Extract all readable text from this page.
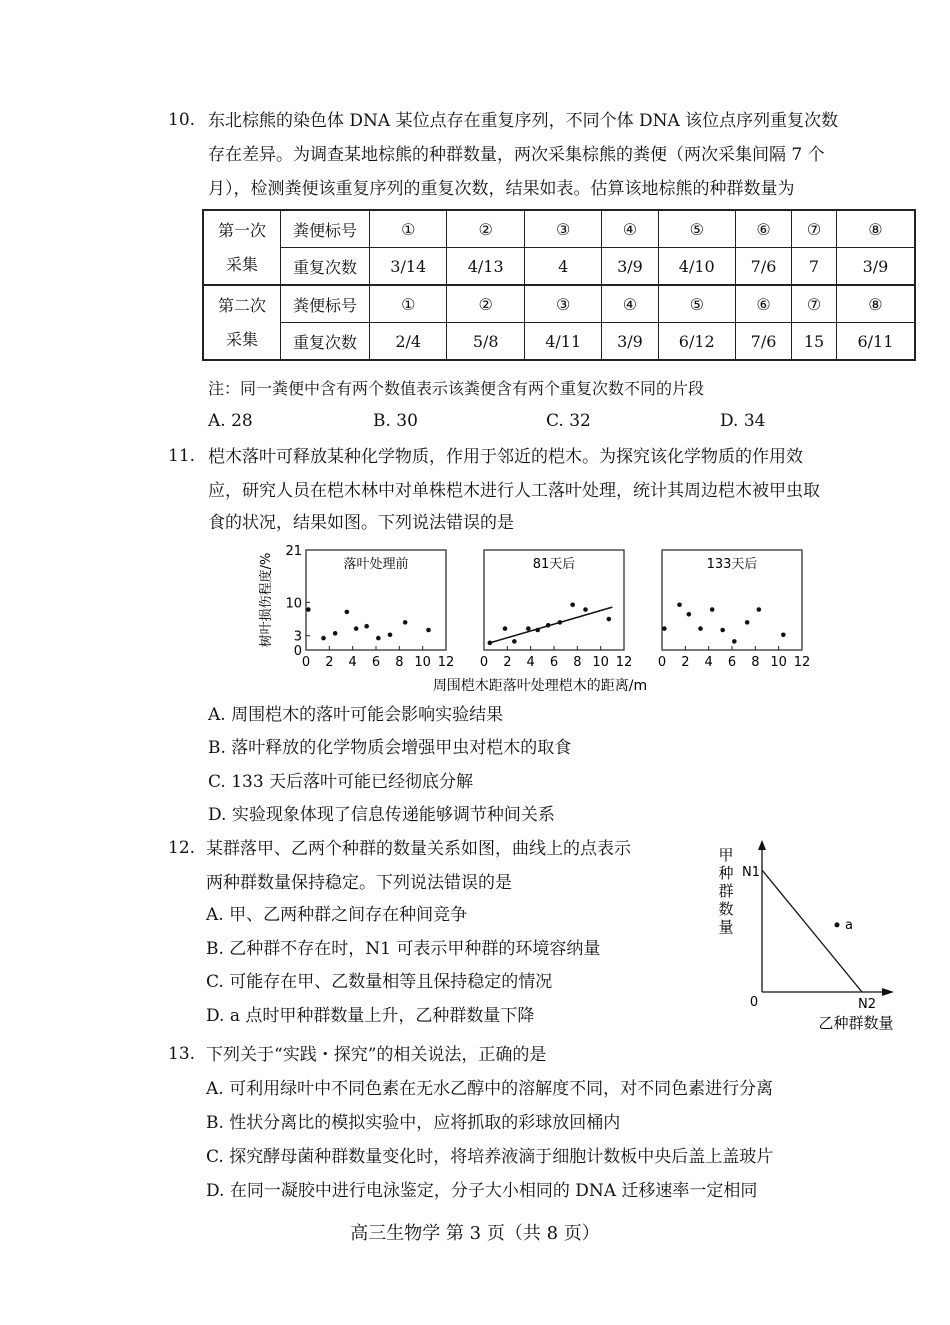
10. 东北棕熊的染色体 DNA 某位点存在重复序列，不同个体 DNA 该位点序列重复次数
存在差异。为调查某地棕熊的种群数量，两次采集棕熊的粪便（两次采集间隔 7 个
月），检测粪便该重复序列的重复次数，结果如表。估算该地棕熊的种群数量为
第一次
采集	粪便标号	①	②	③	④	⑤	⑥	⑦	⑧
	重复次数	3/14	4/13	4	3/9	4/10	7/6	7	3/9

第二次
采集	粪便标号	①	②	③	④	⑤	⑥	⑦	⑧
	重复次数	2/4	5/8	4/11	3/9	6/12	7/6	15	6/11
注：同一粪便中含有两个数值表示该粪便含有两个重复次数不同的片段
A. 28	B. 30	C. 32	D. 34
11. 桤木落叶可释放某种化学物质，作用于邻近的桤木。为探究该化学物质的作用效
应，研究人员在桤木林中对单株桤木进行人工落叶处理，统计其周边桤木被甲虫取
食的状况，结果如图。下列说法错误的是
落叶处理前
0 2 4 6 8 10 12
0
3
10
21
树叶损伤程度/%	81天后
0 2 4 6 8 10 12
133天后
0 2 4 6 8 10 12
周围桤木距落叶处理桤木的距离/m
A. 周围桤木的落叶可能会影响实验结果
B. 落叶释放的化学物质会增强甲虫对桤木的取食
C. 133 天后落叶可能已经彻底分解
D. 实验现象体现了信息传递能够调节种间关系
12. 某群落甲、乙两个种群的数量关系如图，曲线上的点表示
两种群数量保持稳定。下列说法错误的是
A. 甲、乙两种群之间存在种间竞争
B. 乙种群不存在时，N1 可表示甲种群的环境容纳量
C. 可能存在甲、乙数量相等且保持稳定的情况
D. a 点时甲种群数量上升，乙种群数量下降
a
N1
N2
0
甲
种
群
数
量
乙种群数量
13. 下列关于“实践・探究”的相关说法，正确的是
A. 可利用绿叶中不同色素在无水乙醇中的溶解度不同，对不同色素进行分离
B. 性状分离比的模拟实验中，应将抓取的彩球放回桶内
C. 探究酵母菌种群数量变化时，将培养液滴于细胞计数板中央后盖上盖玻片
D. 在同一凝胶中进行电泳鉴定，分子大小相同的 DNA 迁移速率一定相同
高三生物学 第 3 页（共 8 页）
